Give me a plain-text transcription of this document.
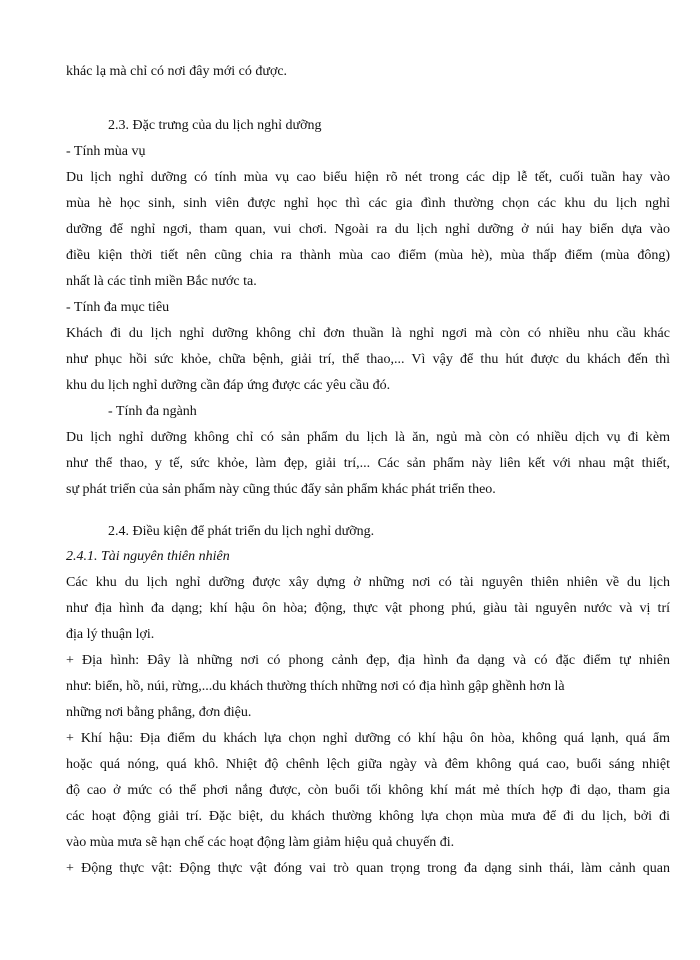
khác lạ mà chỉ có nơi đây mới có được.
2.3. Đặc trưng của du lịch nghỉ dưỡng
- Tính mùa vụ
Du lịch nghỉ dưỡng có tính mùa vụ cao biểu hiện rõ nét trong các dịp lễ tết, cuối tuần hay vào
mùa hè học sinh, sinh viên được nghỉ học thì các gia đình thường chọn các khu du lịch nghỉ
dưỡng để nghỉ ngơi, tham quan, vui chơi. Ngoài ra du lịch nghỉ dưỡng ở núi hay biển dựa vào
điều kiện thời tiết nên cũng chia ra thành mùa cao điểm (mùa hè), mùa thấp điểm (mùa đông)
nhất là các tỉnh miền Bắc nước ta.
- Tính đa mục tiêu
Khách đi du lịch nghỉ dưỡng không chỉ đơn thuần là nghỉ ngơi mà còn có nhiều nhu cầu khác
như phục hồi sức khỏe, chữa bệnh, giải trí, thể thao,... Vì vậy để thu hút được du khách đến thì
khu du lịch nghỉ dưỡng cần đáp ứng được các yêu cầu đó.
- Tính đa ngành
Du lịch nghỉ dưỡng không chỉ có sản phẩm du lịch là ăn, ngủ mà còn có nhiều dịch vụ đi kèm
như thể thao, y tế, sức khỏe, làm đẹp, giải trí,... Các sản phẩm này liên kết với nhau mật thiết,
sự phát triển của sản phẩm này cũng thúc đẩy sản phẩm khác phát triển theo.
2.4. Điều kiện để phát triển du lịch nghỉ dưỡng.
2.4.1. Tài nguyên thiên nhiên
Các khu du lịch nghỉ dưỡng được xây dựng ở những nơi có tài nguyên thiên nhiên về du lịch
như địa hình đa dạng; khí hậu ôn hòa; động, thực vật phong phú, giàu tài nguyên nước và vị trí
địa lý thuận lợi.
+ Địa hình: Đây là những nơi có phong cảnh đẹp, địa hình đa dạng và có đặc điểm tự nhiên
như: biển, hồ, núi, rừng,...du khách thường thích những nơi có địa hình gập ghềnh hơn là
những nơi bằng phẳng, đơn điệu.
+ Khí hậu: Địa điểm du khách lựa chọn nghỉ dưỡng có khí hậu ôn hòa, không quá lạnh, quá ẩm
hoặc quá nóng, quá khô. Nhiệt độ chênh lệch giữa ngày và đêm không quá cao, buổi sáng nhiệt
độ cao ở mức có thể phơi nắng được, còn buổi tối không khí mát mẻ thích hợp đi dạo, tham gia
các hoạt động giải trí. Đặc biệt, du khách thường không lựa chọn mùa mưa để đi du lịch, bởi đi
vào mùa mưa sẽ hạn chế các hoạt động làm giảm hiệu quả chuyến đi.
+ Động thực vật: Động thực vật đóng vai trò quan trọng trong đa dạng sinh thái, làm cảnh quan
